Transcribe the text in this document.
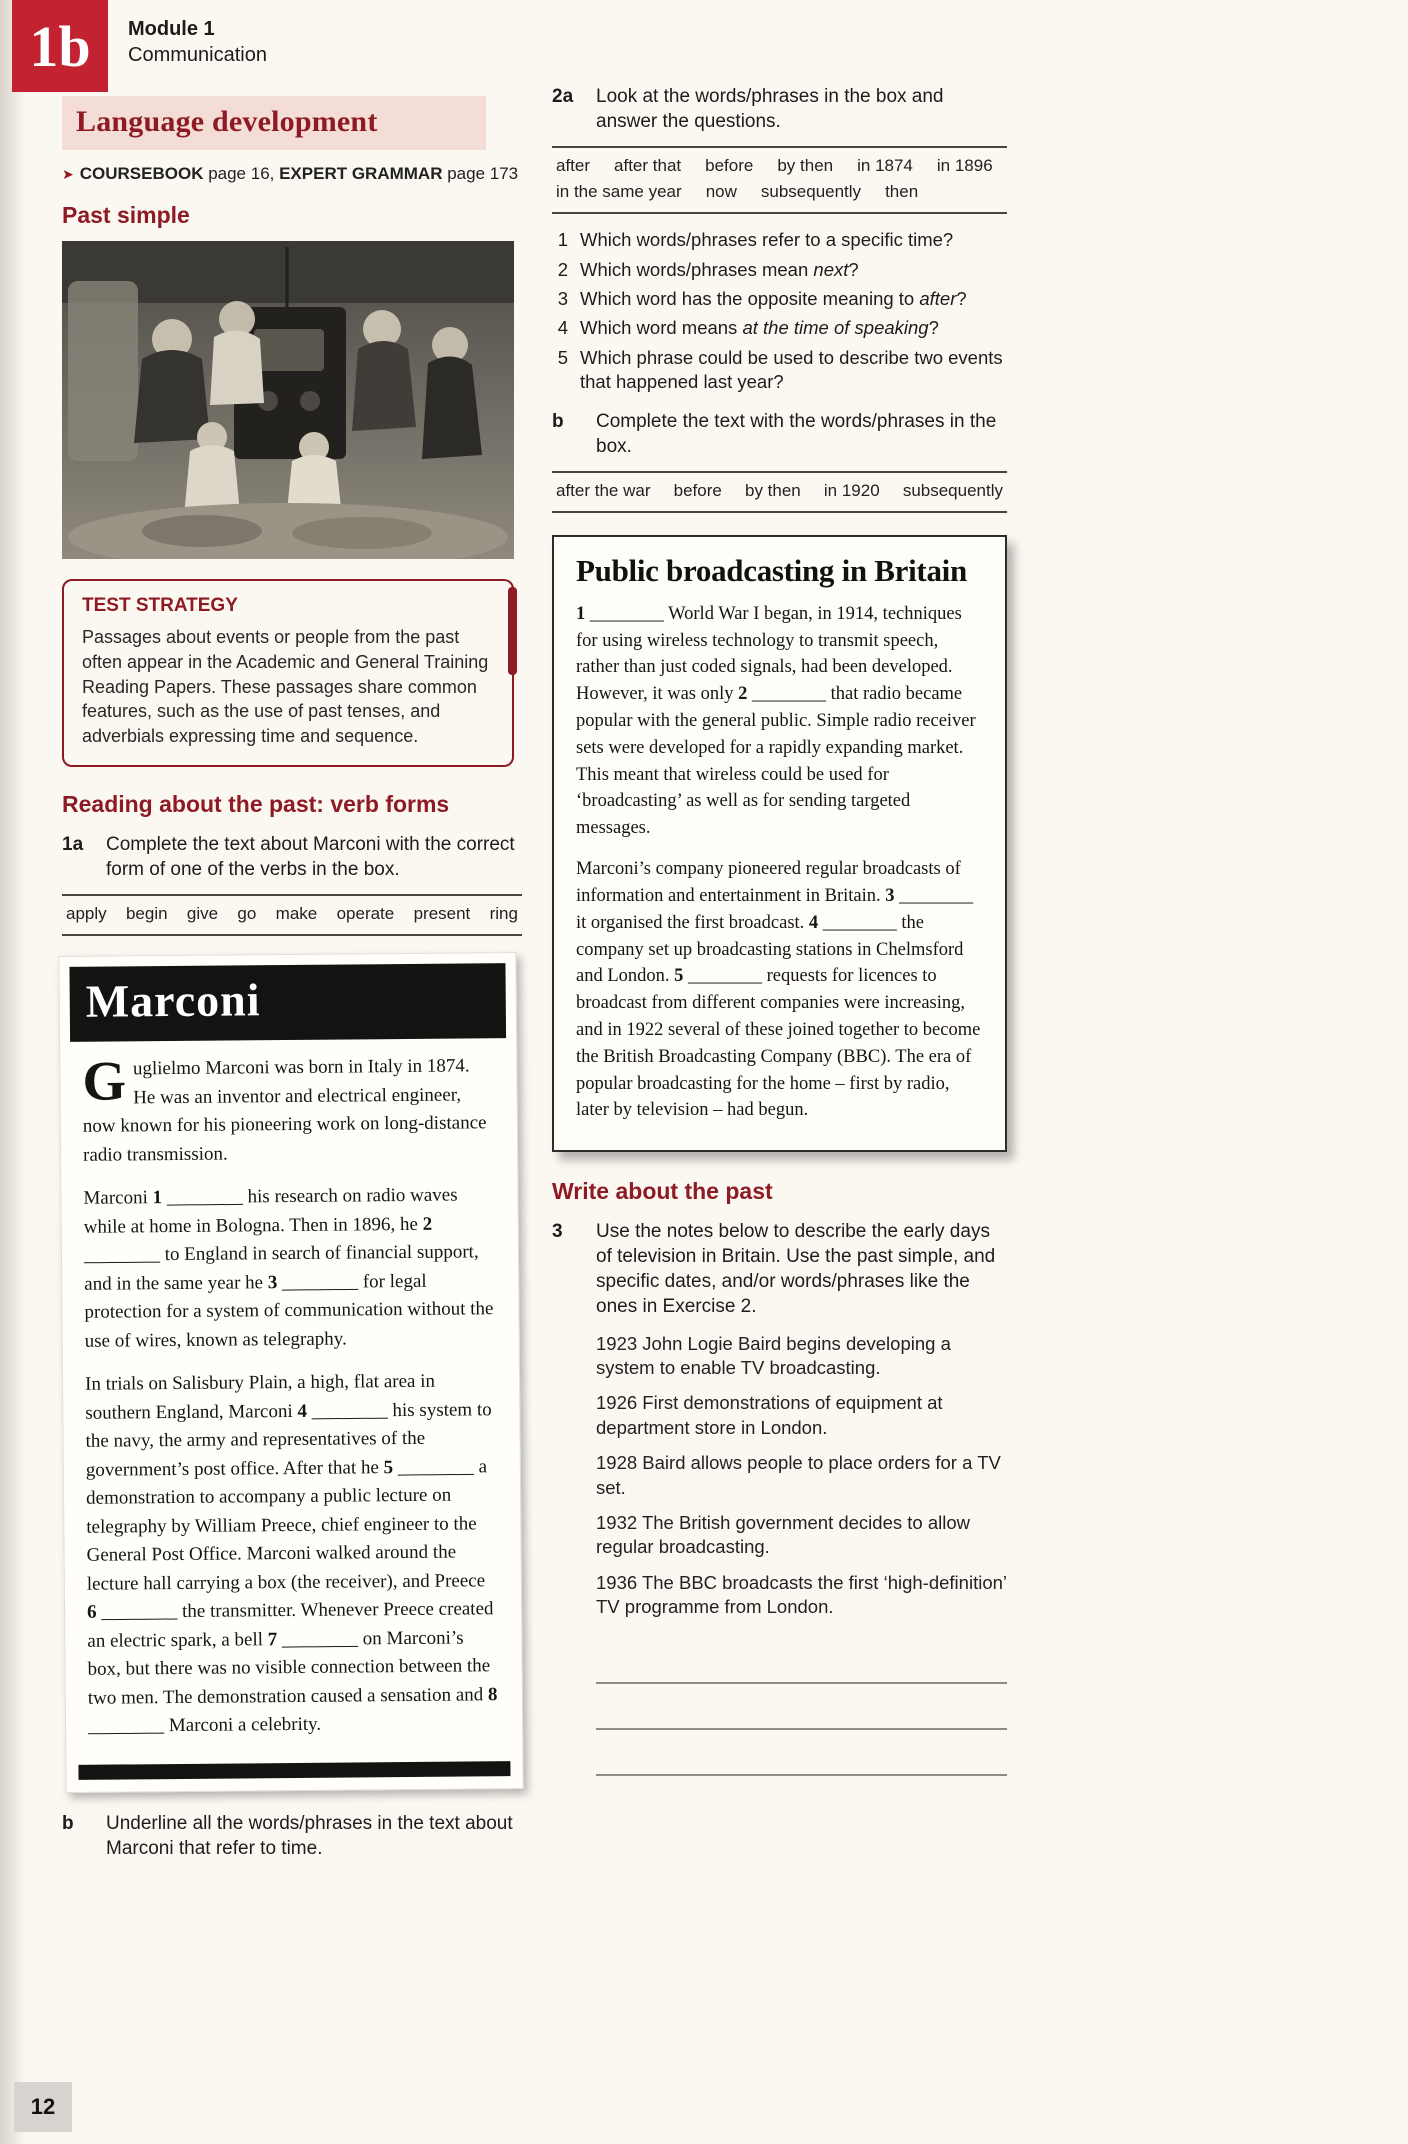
1b Module 1
Communication
Language development
➤ COURSEBOOK page 16, EXPERT GRAMMAR page 173
Past simple
TEST STRATEGY

Passages about events or people from the past often appear in the Academic and General Training Reading Papers. These passages share common features, such as the use of past tenses, and adverbials expressing time and sequence.

Reading about the past: verb forms
1a	Complete the text about Marconi with the correct form of one of the verbs in the box.
apply begin give go make operate present ring
Marconi

Guglielmo Marconi was born in Italy in 1874. He was an inventor and electrical engineer, now known for his pioneering work on long-distance radio transmission.

Marconi 1 ________ his research on radio waves while at home in Bologna. Then in 1896, he 2 ________ to England in search of financial support, and in the same year he 3 ________ for legal protection for a system of communication without the use of wires, known as telegraphy.

In trials on Salisbury Plain, a high, flat area in southern England, Marconi 4 ________ his system to the navy, the army and representatives of the government’s post office. After that he 5 ________ a demonstration to accompany a public lecture on telegraphy by William Preece, chief engineer to the General Post Office. Marconi walked around the lecture hall carrying a box (the receiver), and Preece 6 ________ the transmitter. Whenever Preece created an electric spark, a bell 7 ________ on Marconi’s box, but there was no visible connection between the two men. The demonstration caused a sensation and 8 ________ Marconi a celebrity.

b	Underline all the words/phrases in the text about Marconi that refer to time.
2a	Look at the words/phrases in the box and answer the questions.
after after that before by then in 1874 in 1896
in the same year now subsequently then
1 Which words/phrases refer to a specific time?
2 Which words/phrases mean next?
3 Which word has the opposite meaning to after?
4 Which word means at the time of speaking?
5 Which phrase could be used to describe two events that happened last year?
b	Complete the text with the words/phrases in the box.
after the war before by then in 1920 subsequently
Public broadcasting in Britain

1 ________ World War I began, in 1914, techniques for using wireless technology to transmit speech, rather than just coded signals, had been developed. However, it was only 2 ________ that radio became popular with the general public. Simple radio receiver sets were developed for a rapidly expanding market. This meant that wireless could be used for ‘broadcasting’ as well as for sending targeted messages.

Marconi’s company pioneered regular broadcasts of information and entertainment in Britain. 3 ________ it organised the first broadcast. 4 ________ the company set up broadcasting stations in Chelmsford and London. 5 ________ requests for licences to broadcast from different companies were increasing, and in 1922 several of these joined together to become the British Broadcasting Company (BBC). The era of popular broadcasting for the home – first by radio, later by television – had begun.

Write about the past
3	Use the notes below to describe the early days of television in Britain. Use the past simple, and specific dates, and/or words/phrases like the ones in Exercise 2.
1923 John Logie Baird begins developing a system to enable TV broadcasting.
1926 First demonstrations of equipment at department store in London.
1928 Baird allows people to place orders for a TV set.
1932 The British government decides to allow regular broadcasting.
1936 The BBC broadcasts the first ‘high-definition’ TV programme from London.
12
